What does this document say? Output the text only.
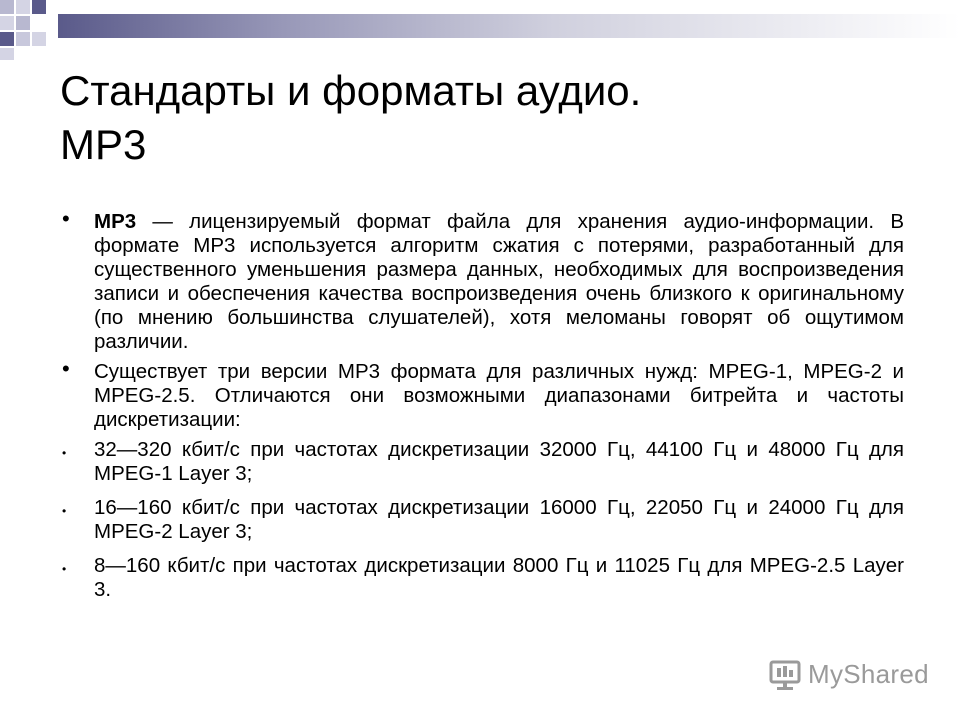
Стандарты и форматы аудио.
MP3
• MP3 — лицензируемый формат файла для хранения аудио-информации. В формате MP3 используется алгоритм сжатия с потерями, разработанный для существенного уменьшения размера данных, необходимых для воспроизведения записи и обеспечения качества воспроизведения очень близкого к оригинальному (по мнению большинства слушателей), хотя меломаны говорят об ощутимом различии.
• Существует три версии MP3 формата для различных нужд: MPEG-1, MPEG-2 и MPEG-2.5. Отличаются они возможными диапазонами битрейта и частоты дискретизации:
• 32—320 кбит/с при частотах дискретизации 32000 Гц, 44100 Гц и 48000 Гц для MPEG-1 Layer 3;
• 16—160 кбит/с при частотах дискретизации 16000 Гц, 22050 Гц и 24000 Гц для MPEG-2 Layer 3;
• 8—160 кбит/с при частотах дискретизации 8000 Гц и 11025 Гц для MPEG-2.5 Layer 3.
MyShared
